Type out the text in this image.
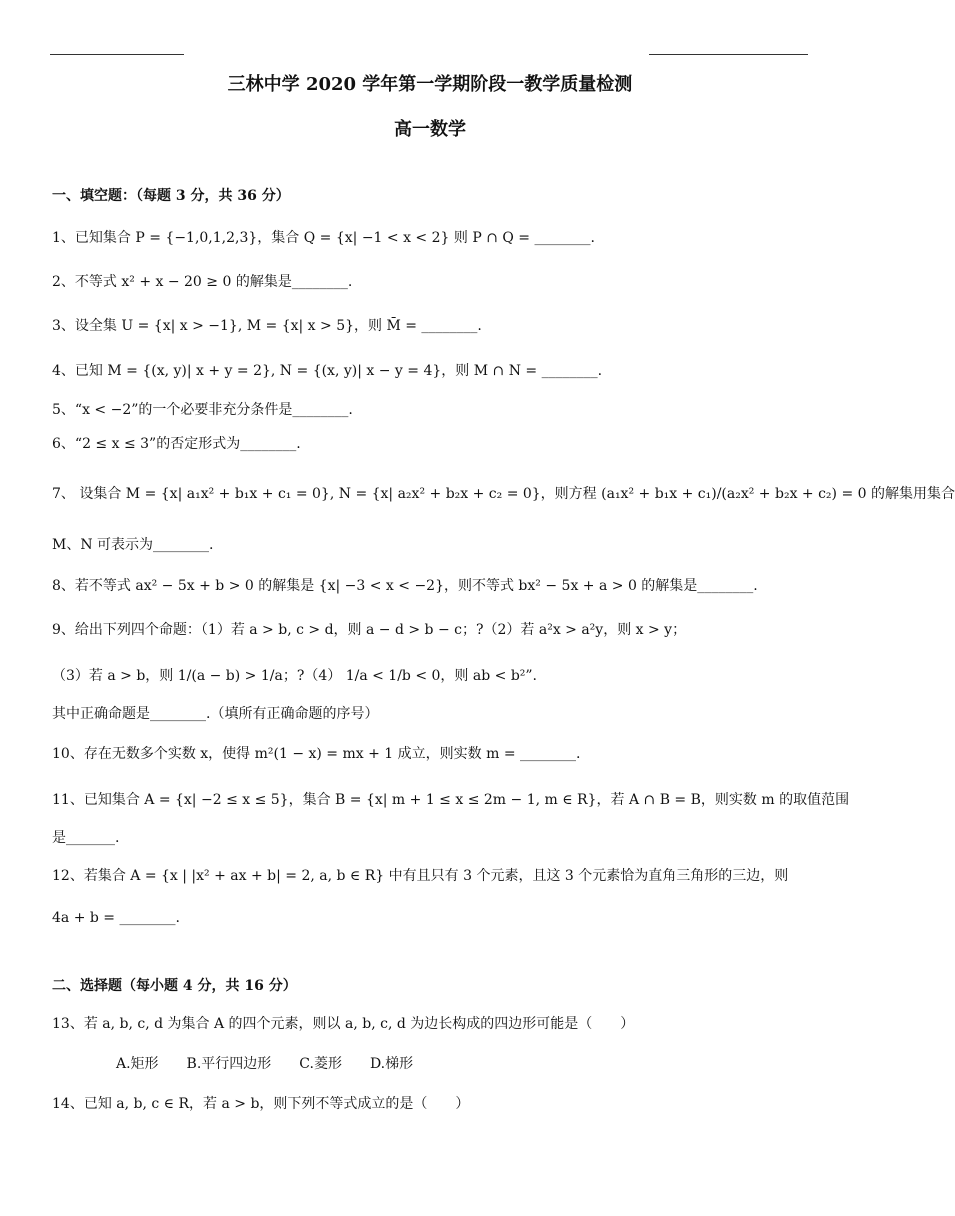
三林中学 2020 学年第一学期阶段一教学质量检测
高一数学
一、填空题：（每题 3 分，共 36 分）
1、已知集合 P = {−1,0,1,2,3}，集合 Q = {x| −1 < x < 2} 则 P ∩ Q = ________.
2、不等式 x² + x − 20 ≥ 0 的解集是________.
3、设全集 U = {x| x > −1}, M = {x| x > 5}，则 M̄ = ________.
4、已知 M = {(x, y)| x + y = 2}, N = {(x, y)| x − y = 4}，则 M ∩ N = ________.
5、“x < −2”的一个必要非充分条件是________.
6、“2 ≤ x ≤ 3”的否定形式为________.
7、 设集合 M = {x| a₁x² + b₁x + c₁ = 0}, N = {x| a₂x² + b₂x + c₂ = 0}，则方程 (a₁x² + b₁x + c₁)/(a₂x² + b₂x + c₂) = 0 的解集用集合
M、N 可表示为________.
8、若不等式 ax² − 5x + b > 0 的解集是 {x| −3 < x < −2}，则不等式 bx² − 5x + a > 0 的解集是________.
9、给出下列四个命题：（1）若 a > b, c > d，则 a − d > b − c；?（2）若 a²x > a²y，则 x > y；
（3）若 a > b，则 1/(a − b) > 1/a；?（4） 1/a < 1/b < 0，则 ab < b²”.
其中正确命题是________.（填所有正确命题的序号）
10、存在无数多个实数 x，使得 m²(1 − x) = mx + 1 成立，则实数 m = ________.
11、已知集合 A = {x| −2 ≤ x ≤ 5}，集合 B = {x| m + 1 ≤ x ≤ 2m − 1, m ∈ R}，若 A ∩ B = B，则实数 m 的取值范围
是_______.
12、若集合 A = {x | |x² + ax + b| = 2, a, b ∈ R} 中有且只有 3 个元素，且这 3 个元素恰为直角三角形的三边，则
4a + b = ________.
二、选择题（每小题 4 分，共 16 分）
13、若 a, b, c, d 为集合 A 的四个元素，则以 a, b, c, d 为边长构成的四边形可能是（　　）
A.矩形　　B.平行四边形　　C.菱形　　D.梯形
14、已知 a, b, c ∈ R，若 a > b，则下列不等式成立的是（　　）
